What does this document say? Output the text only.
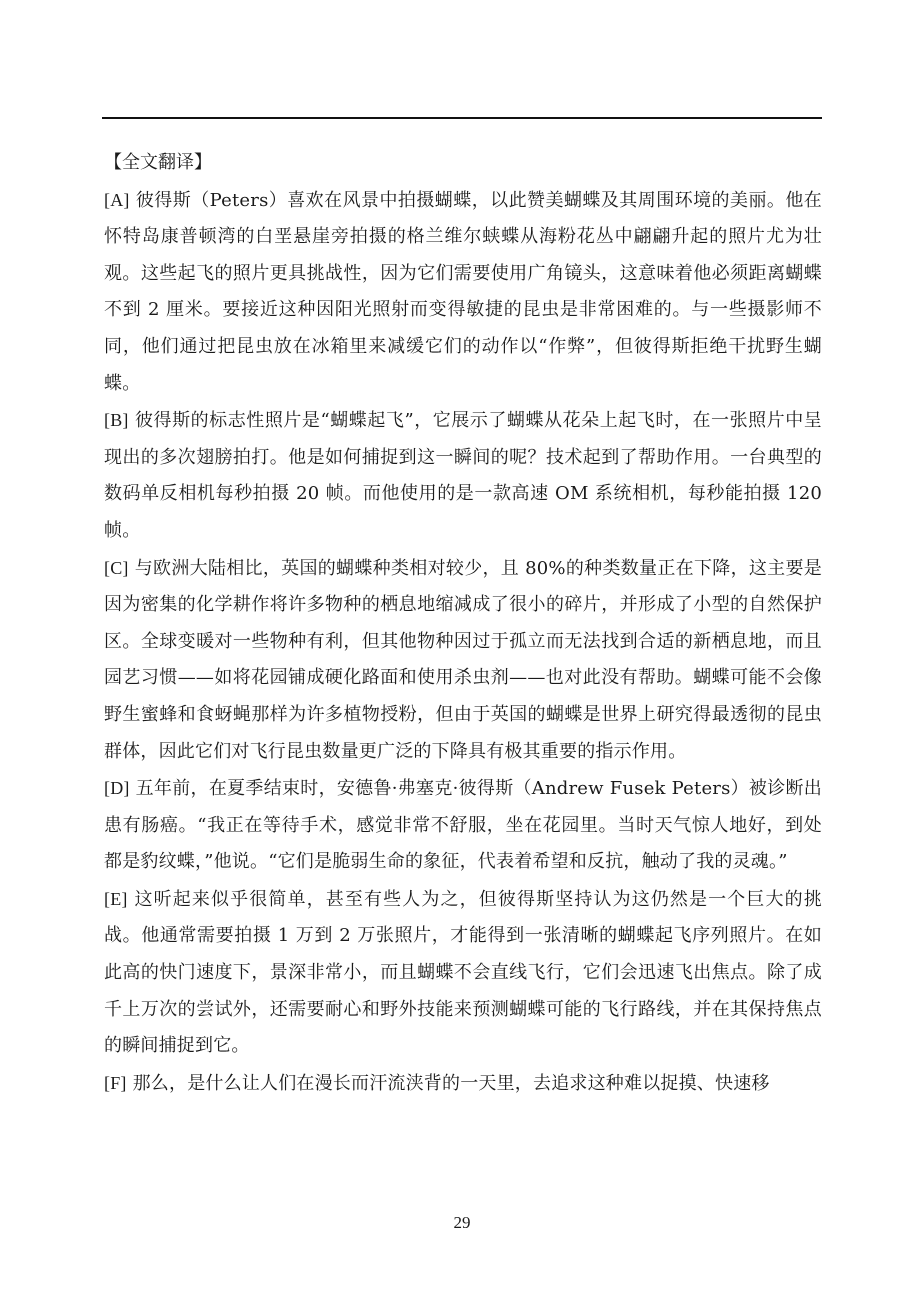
【全文翻译】

[A] 彼得斯（Peters）喜欢在风景中拍摄蝴蝶，以此赞美蝴蝶及其周围环境的美丽。他在怀特岛康普顿湾的白垩悬崖旁拍摄的格兰维尔蛱蝶从海粉花丛中翩翩升起的照片尤为壮观。这些起飞的照片更具挑战性，因为它们需要使用广角镜头，这意味着他必须距离蝴蝶不到 2 厘米。要接近这种因阳光照射而变得敏捷的昆虫是非常困难的。与一些摄影师不同，他们通过把昆虫放在冰箱里来减缓它们的动作以“作弊”，但彼得斯拒绝干扰野生蝴蝶。

[B] 彼得斯的标志性照片是“蝴蝶起飞”，它展示了蝴蝶从花朵上起飞时，在一张照片中呈现出的多次翅膀拍打。他是如何捕捉到这一瞬间的呢？技术起到了帮助作用。一台典型的数码单反相机每秒拍摄 20 帧。而他使用的是一款高速 OM 系统相机，每秒能拍摄 120 帧。

[C] 与欧洲大陆相比，英国的蝴蝶种类相对较少，且 80%的种类数量正在下降，这主要是因为密集的化学耕作将许多物种的栖息地缩减成了很小的碎片，并形成了小型的自然保护区。全球变暖对一些物种有利，但其他物种因过于孤立而无法找到合适的新栖息地，而且园艺习惯——如将花园铺成硬化路面和使用杀虫剂——也对此没有帮助。蝴蝶可能不会像野生蜜蜂和食蚜蝇那样为许多植物授粉，但由于英国的蝴蝶是世界上研究得最透彻的昆虫群体，因此它们对飞行昆虫数量更广泛的下降具有极其重要的指示作用。

[D] 五年前，在夏季结束时，安德鲁·弗塞克·彼得斯（Andrew Fusek Peters）被诊断出患有肠癌。“我正在等待手术，感觉非常不舒服，坐在花园里。当时天气惊人地好，到处都是豹纹蝶，”他说。“它们是脆弱生命的象征，代表着希望和反抗，触动了我的灵魂。”

[E] 这听起来似乎很简单，甚至有些人为之，但彼得斯坚持认为这仍然是一个巨大的挑战。他通常需要拍摄 1 万到 2 万张照片，才能得到一张清晰的蝴蝶起飞序列照片。在如此高的快门速度下，景深非常小，而且蝴蝶不会直线飞行，它们会迅速飞出焦点。除了成千上万次的尝试外，还需要耐心和野外技能来预测蝴蝶可能的飞行路线，并在其保持焦点的瞬间捕捉到它。

[F] 那么，是什么让人们在漫长而汗流浃背的一天里，去追求这种难以捉摸、快速移

29
